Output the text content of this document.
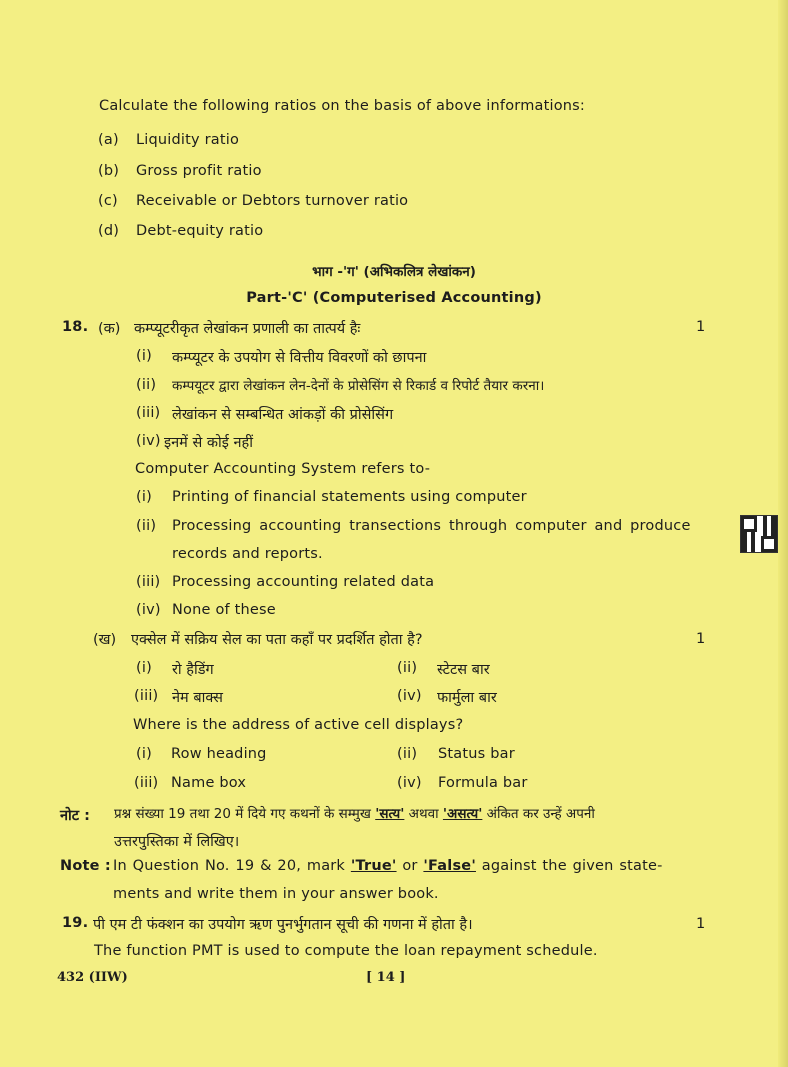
Calculate the following ratios on the basis of above informations:
(a) Liquidity ratio
(b) Gross profit ratio
(c) Receivable or Debtors turnover ratio
(d) Debt-equity ratio
भाग -'ग' (अभिकलित्र लेखांकन)
Part-'C' (Computerised Accounting)
18. (क) कम्प्यूटरीकृत लेखांकन प्रणाली का तात्पर्य हैः	1
(i) कम्प्यूटर के उपयोग से वित्तीय विवरणों को छापना
(ii) कम्पयूटर द्वारा लेखांकन लेन-देनों के प्रोसेसिंग से रिकार्ड व रिपोर्ट तैयार करना।
(iii) लेखांकन से सम्बन्धित आंकड़ों की प्रोसेसिंग
(iv) इनमें से कोई नहीं
Computer Accounting System refers to-
(i) Printing of financial statements using computer
(ii) Processing accounting transections through computer and produce
records and reports.
(iii) Processing accounting related data
(iv) None of these
(ख) एक्सेल में सक्रिय सेल का पता कहाँ पर प्रदर्शित होता है?	1
(i) रो हैडिंग	(ii) स्टेटस बार
(iii) नेम बाक्स	(iv) फार्मुला बार
Where is the address of active cell displays?
(i) Row heading	(ii) Status bar
(iii) Name box	(iv) Formula bar
नोट : प्रश्न संख्या 19 तथा 20 में दिये गए कथनों के सम्मुख 'सत्य' अथवा 'असत्य' अंकित कर उन्हें अपनी
उत्तरपुस्तिका में लिखिए।
Note : In Question No. 19 & 20, mark 'True' or 'False' against the given state-
ments and write them in your answer book.
19. पी एम टी फंक्शन का उपयोग ऋण पुनर्भुगतान सूची की गणना में होता है।	1
The function PMT is used to compute the loan repayment schedule.
432 (IIW)	[ 14 ]
